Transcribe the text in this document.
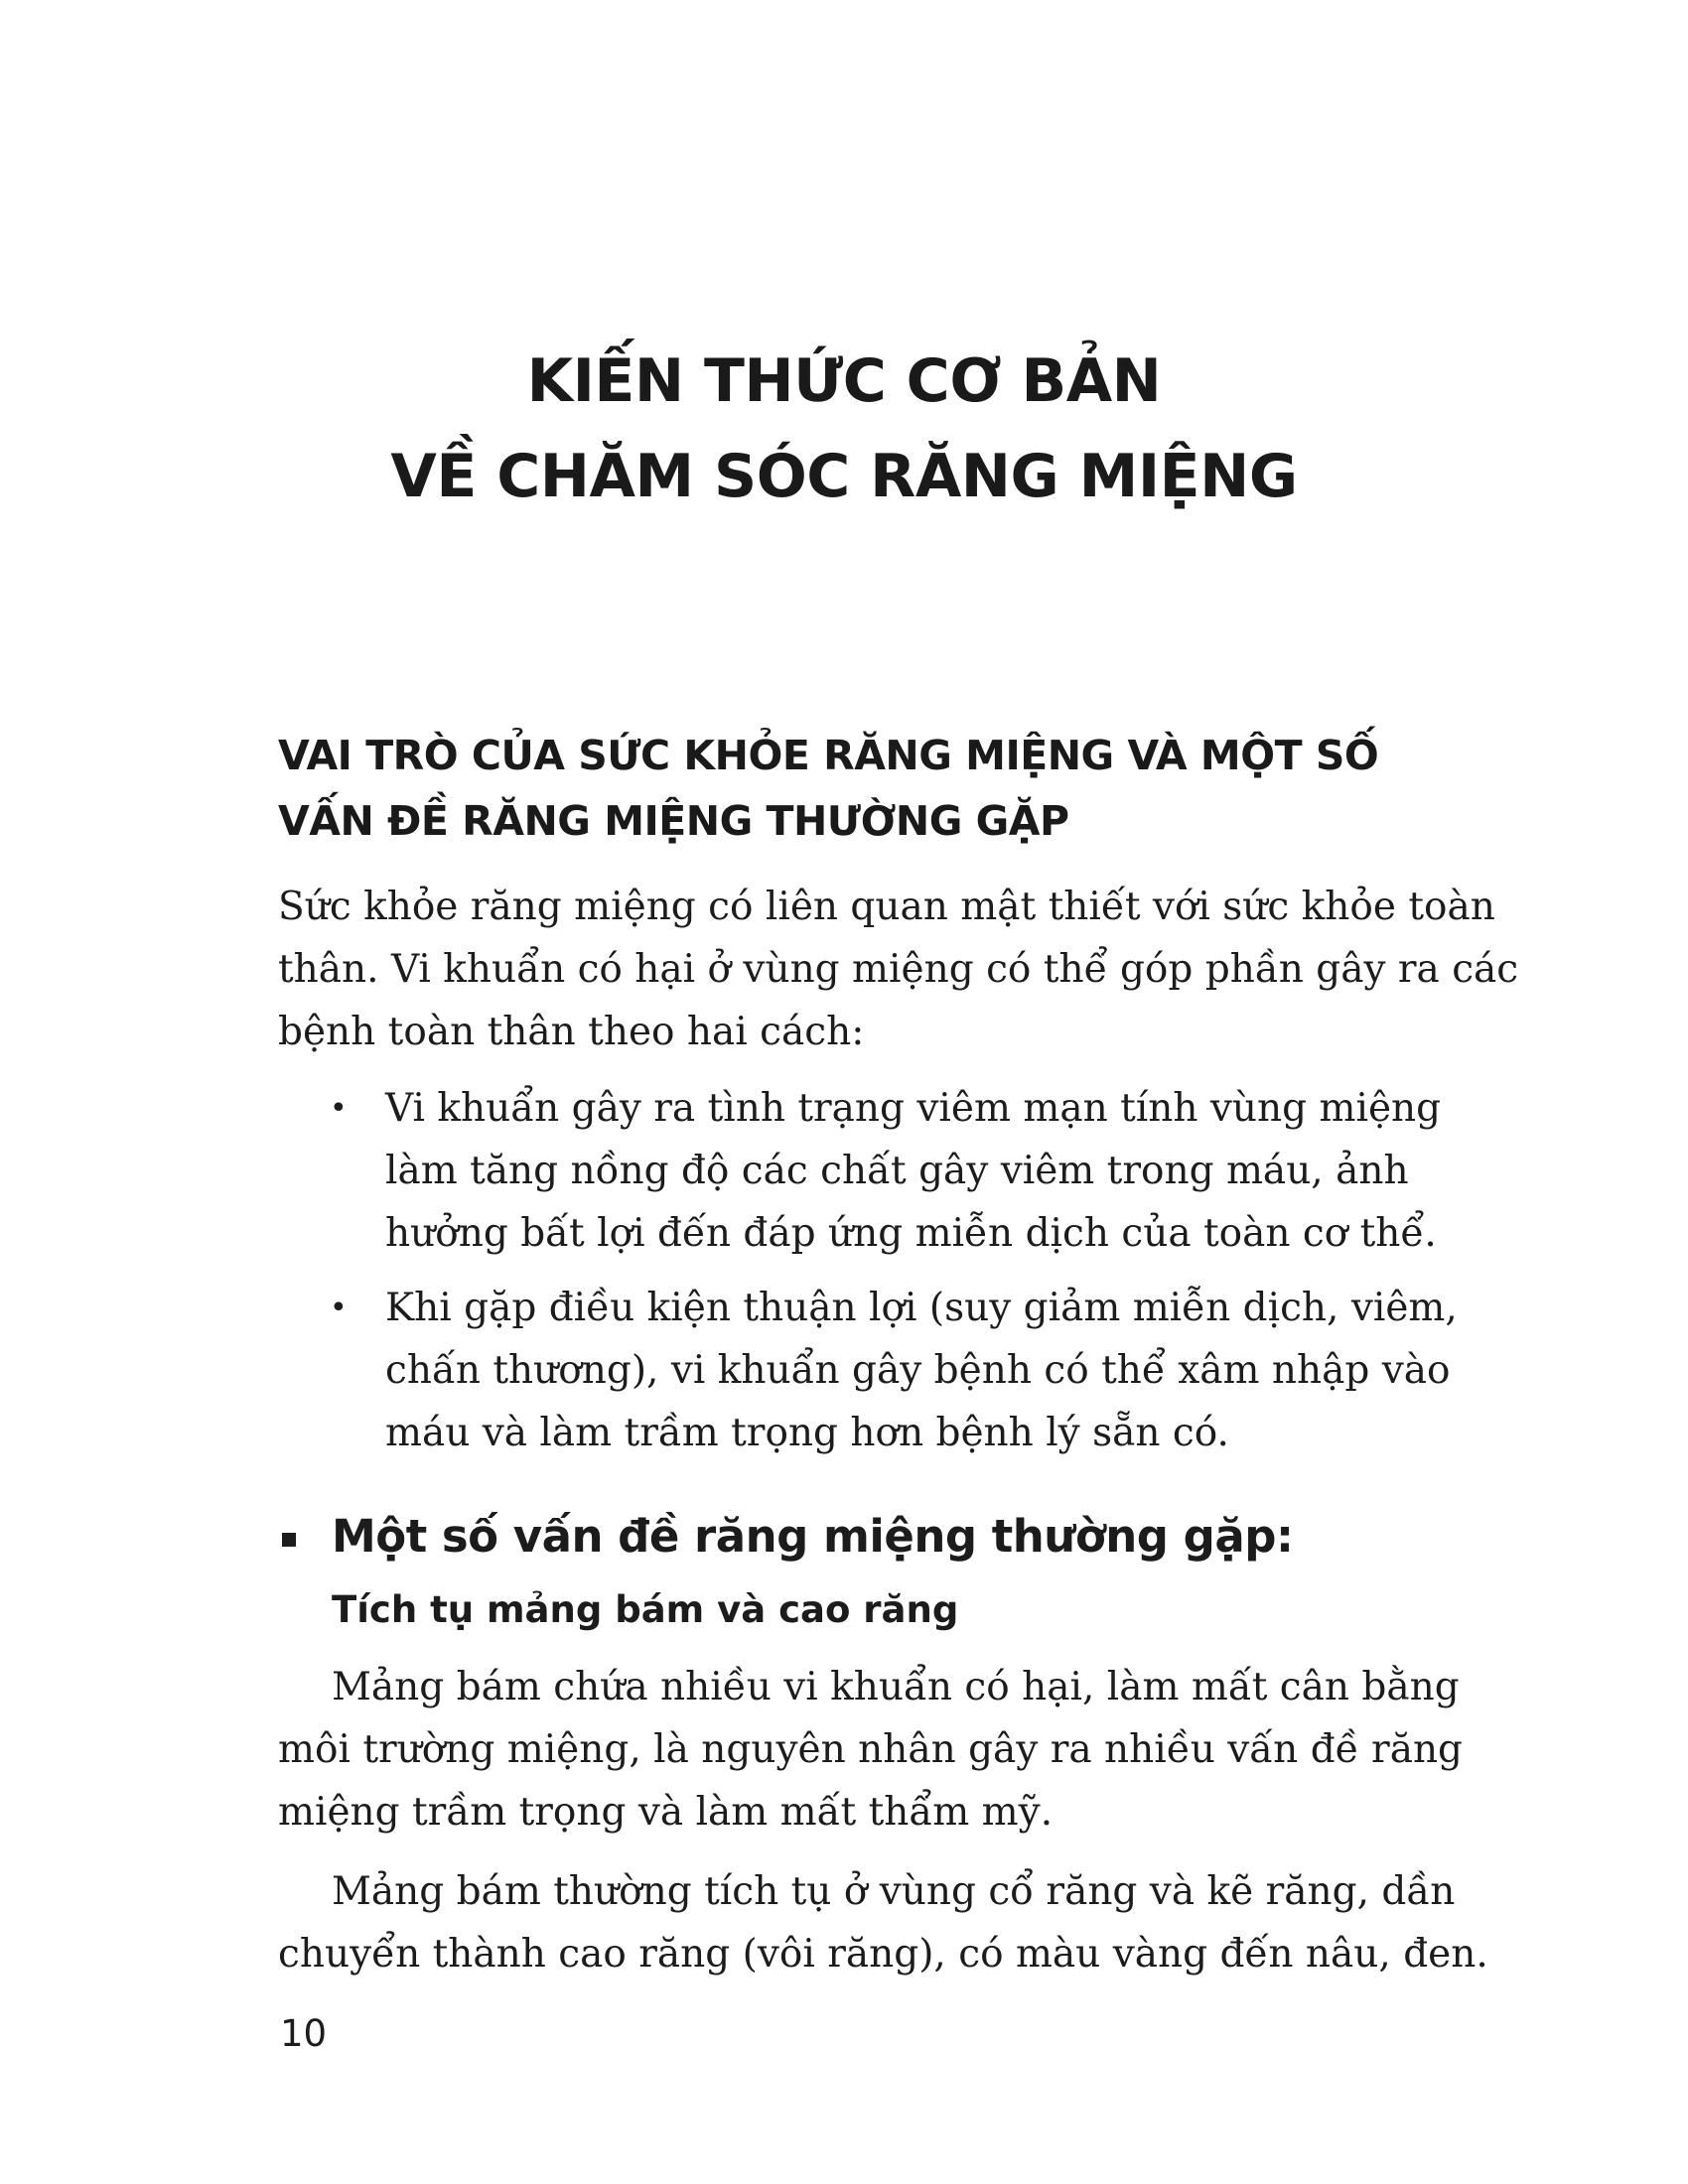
KIẾN THỨC CƠ BẢN
VỀ CHĂM SÓC RĂNG MIỆNG
VAI TRÒ CỦA SỨC KHỎE RĂNG MIỆNG VÀ MỘT SỐ
VẤN ĐỀ RĂNG MIỆNG THƯỜNG GẶP
Sức khỏe răng miệng có liên quan mật thiết với sức khỏe toàn
thân. Vi khuẩn có hại ở vùng miệng có thể góp phần gây ra các
bệnh toàn thân theo hai cách:
• Vi khuẩn gây ra tình trạng viêm mạn tính vùng miệng
làm tăng nồng độ các chất gây viêm trong máu, ảnh
hưởng bất lợi đến đáp ứng miễn dịch của toàn cơ thể.
• Khi gặp điều kiện thuận lợi (suy giảm miễn dịch, viêm,
chấn thương), vi khuẩn gây bệnh có thể xâm nhập vào
máu và làm trầm trọng hơn bệnh lý sẵn có.
Một số vấn đề răng miệng thường gặp:
Tích tụ mảng bám và cao răng
Mảng bám chứa nhiều vi khuẩn có hại, làm mất cân bằng
môi trường miệng, là nguyên nhân gây ra nhiều vấn đề răng
miệng trầm trọng và làm mất thẩm mỹ.
Mảng bám thường tích tụ ở vùng cổ răng và kẽ răng, dần
chuyển thành cao răng (vôi răng), có màu vàng đến nâu, đen.
10
